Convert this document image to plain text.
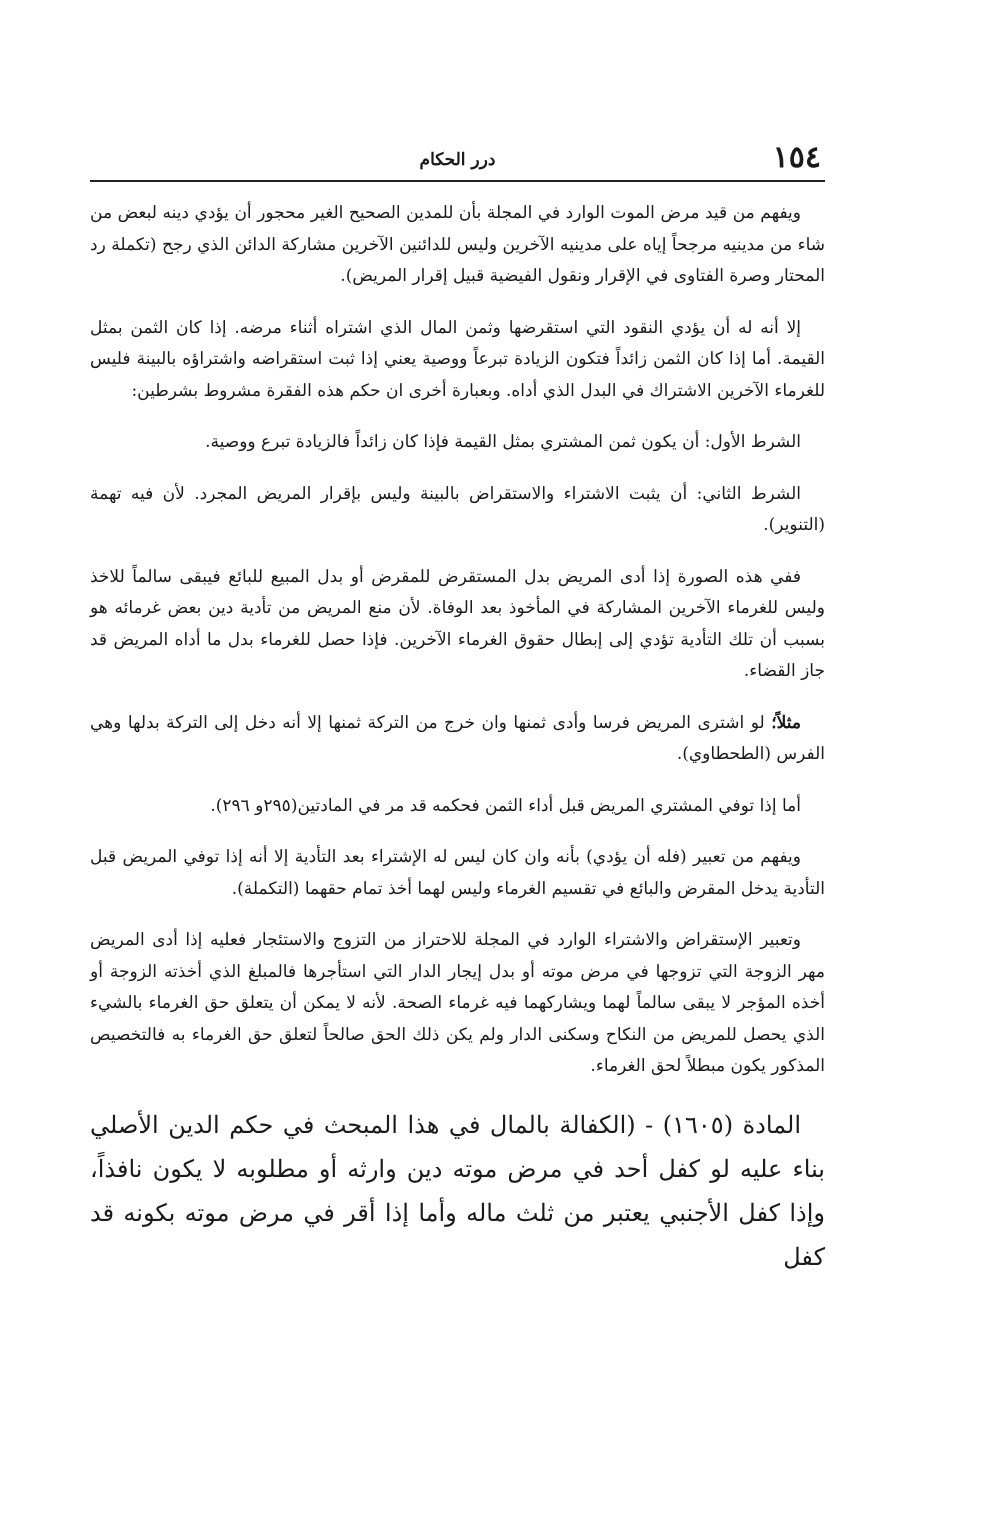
١٥٤
درر الحكام

ويفهم من قيد مرض الموت الوارد في المجلة بأن للمدين الصحيح الغير محجور أن يؤدي دينه لبعض من شاء من مدينيه مرجحاً إياه على مدينيه الآخرين وليس للدائنين الآخرين مشاركة الدائن الذي رجح (تكملة رد المحتار وصرة الفتاوى في الإقرار ونقول الفيضية قبيل إقرار المريض).

إلا أنه له أن يؤدي النقود التي استقرضها وثمن المال الذي اشتراه أثناء مرضه. إذا كان الثمن بمثل القيمة. أما إذا كان الثمن زائداً فتكون الزيادة تبرعاً ووصية يعني إذا ثبت استقراضه واشتراؤه بالبينة فليس للغرماء الآخرين الاشتراك في البدل الذي أداه. وبعبارة أخرى ان حكم هذه الفقرة مشروط بشرطين:

الشرط الأول: أن يكون ثمن المشتري بمثل القيمة فإذا كان زائداً فالزيادة تبرع ووصية.

الشرط الثاني: أن يثبت الاشتراء والاستقراض بالبينة وليس بإقرار المريض المجرد. لأن فيه تهمة (التنوير).

ففي هذه الصورة إذا أدى المريض بدل المستقرض للمقرض أو بدل المبيع للبائع فيبقى سالماً للاخذ وليس للغرماء الآخرين المشاركة في المأخوذ بعد الوفاة. لأن منع المريض من تأدية دين بعض غرمائه هو بسبب أن تلك التأدية تؤدي إلى إبطال حقوق الغرماء الآخرين. فإذا حصل للغرماء بدل ما أداه المريض قد جاز القضاء.

مثلاً؛ لو اشترى المريض فرسا وأدى ثمنها وان خرج من التركة ثمنها إلا أنه دخل إلى التركة بدلها وهي الفرس (الطحطاوي).

أما إذا توفي المشتري المريض قبل أداء الثمن فحكمه قد مر في المادتين(٢٩٥و ٢٩٦).

ويفهم من تعبير (فله أن يؤدي) بأنه وان كان ليس له الإشتراء بعد التأدية إلا أنه إذا توفي المريض قبل التأدية يدخل المقرض والبائع في تقسيم الغرماء وليس لهما أخذ تمام حقهما (التكملة).

وتعبير الإستقراض والاشتراء الوارد في المجلة للاحتراز من التزوج والاستئجار فعليه إذا أدى المريض مهر الزوجة التي تزوجها في مرض موته أو بدل إيجار الدار التي استأجرها فالمبلغ الذي أخذته الزوجة أو أخذه المؤجر لا يبقى سالماً لهما ويشاركهما فيه غرماء الصحة. لأنه لا يمكن أن يتعلق حق الغرماء بالشيء الذي يحصل للمريض من النكاح وسكنى الدار ولم يكن ذلك الحق صالحاً لتعلق حق الغرماء به فالتخصيص المذكور يكون مبطلاً لحق الغرماء.

المادة (١٦٠٥) - (الكفالة بالمال في هذا المبحث في حكم الدين الأصلي بناء عليه لو كفل أحد في مرض موته دين وارثه أو مطلوبه لا يكون نافذاً، وإذا كفل الأجنبي يعتبر من ثلث ماله وأما إذا أقر في مرض موته بكونه قد كفل
